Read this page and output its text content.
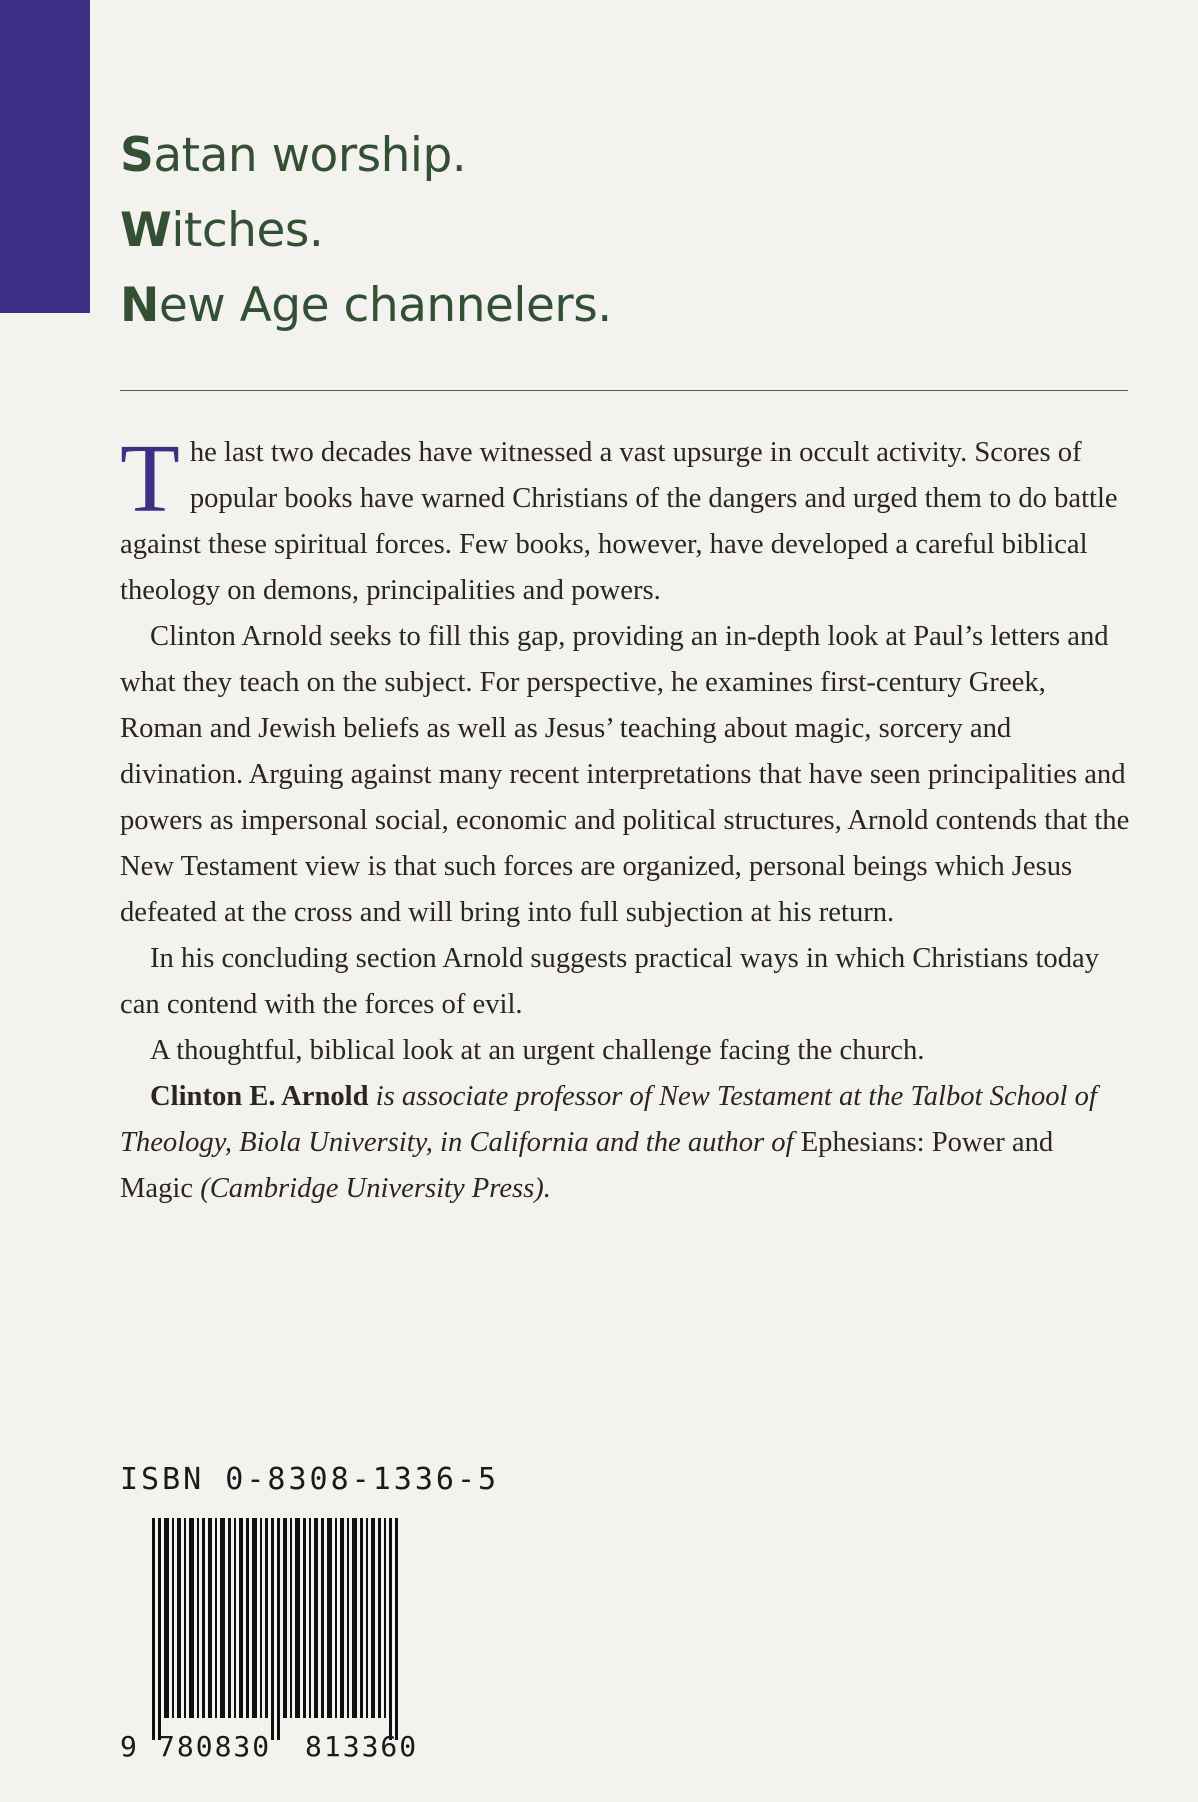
Satan worship.
Witches.
New Age channelers.

The last two decades have witnessed a vast upsurge in occult activity. Scores of popular books have warned Christians of the dangers and urged them to do battle against these spiritual forces. Few books, however, have developed a careful biblical theology on demons, principalities and powers.

Clinton Arnold seeks to fill this gap, providing an in-depth look at Paul’s letters and what they teach on the subject. For perspective, he examines first-century Greek, Roman and Jewish beliefs as well as Jesus’ teaching about magic, sorcery and divination. Arguing against many recent interpretations that have seen principalities and powers as impersonal social, economic and political structures, Arnold contends that the New Testament view is that such forces are organized, personal beings which Jesus defeated at the cross and will bring into full subjection at his return.

In his concluding section Arnold suggests practical ways in which Christians today can contend with the forces of evil.

A thoughtful, biblical look at an urgent challenge facing the church.

Clinton E. Arnold is associate professor of New Testament at the Talbot School of Theology, Biola University, in California and the author of Ephesians: Power and Magic (Cambridge University Press).

ISBN 0-8308-1336-5
9 780830 813360
